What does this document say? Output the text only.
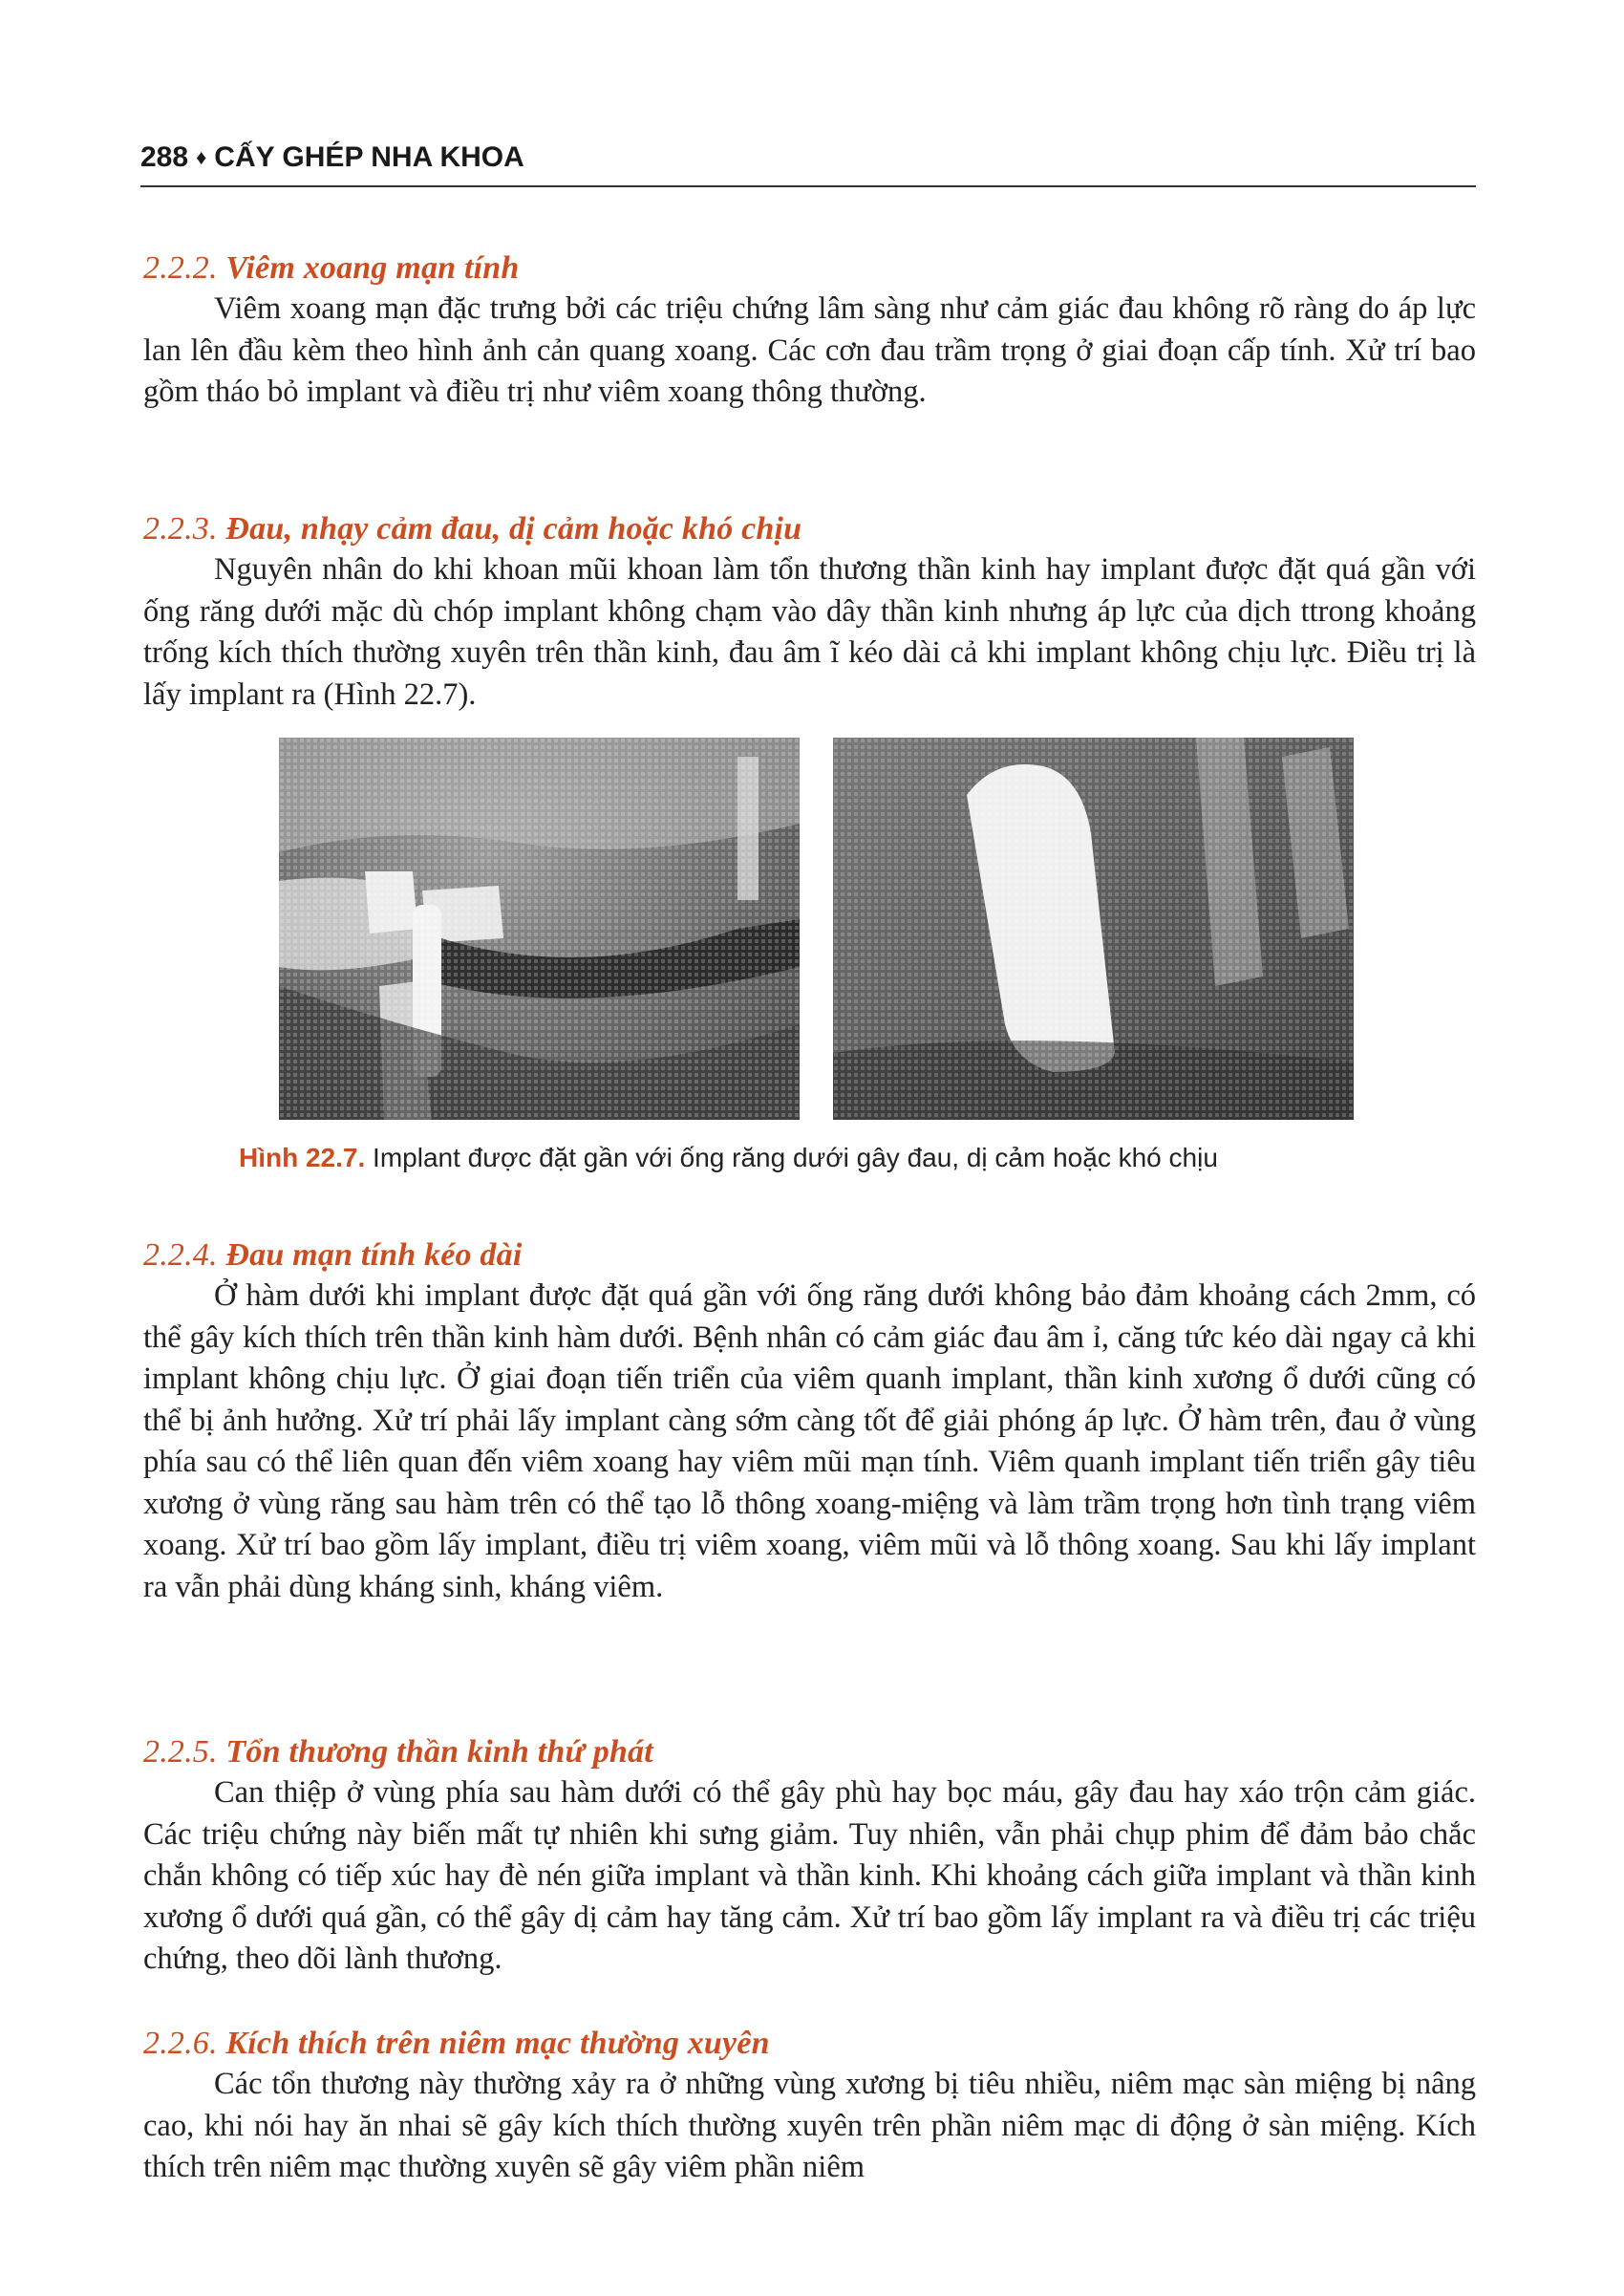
288 ♦ CẤY GHÉP NHA KHOA
2.2.2. Viêm xoang mạn tính

Viêm xoang mạn đặc trưng bởi các triệu chứng lâm sàng như cảm giác đau không rõ ràng do áp lực lan lên đầu kèm theo hình ảnh cản quang xoang. Các cơn đau trầm trọng ở giai đoạn cấp tính. Xử trí bao gồm tháo bỏ implant và điều trị như viêm xoang thông thường.

2.2.3. Đau, nhạy cảm đau, dị cảm hoặc khó chịu

Nguyên nhân do khi khoan mũi khoan làm tổn thương thần kinh hay implant được đặt quá gần với ống răng dưới mặc dù chóp implant không chạm vào dây thần kinh nhưng áp lực của dịch ttrong khoảng trống kích thích thường xuyên trên thần kinh, đau âm ĩ kéo dài cả khi implant không chịu lực. Điều trị là lấy implant ra (Hình 22.7).

Hình 22.7. Implant được đặt gần với ống răng dưới gây đau, dị cảm hoặc khó chịu
2.2.4. Đau mạn tính kéo dài

Ở hàm dưới khi implant được đặt quá gần với ống răng dưới không bảo đảm khoảng cách 2mm, có thể gây kích thích trên thần kinh hàm dưới. Bệnh nhân có cảm giác đau âm ỉ, căng tức kéo dài ngay cả khi implant không chịu lực. Ở giai đoạn tiến triển của viêm quanh implant, thần kinh xương ổ dưới cũng có thể bị ảnh hưởng. Xử trí phải lấy implant càng sớm càng tốt để giải phóng áp lực. Ở hàm trên, đau ở vùng phía sau có thể liên quan đến viêm xoang hay viêm mũi mạn tính. Viêm quanh implant tiến triển gây tiêu xương ở vùng răng sau hàm trên có thể tạo lỗ thông xoang-miệng và làm trầm trọng hơn tình trạng viêm xoang. Xử trí bao gồm lấy implant, điều trị viêm xoang, viêm mũi và lỗ thông xoang. Sau khi lấy implant ra vẫn phải dùng kháng sinh, kháng viêm.

2.2.5. Tổn thương thần kinh thứ phát

Can thiệp ở vùng phía sau hàm dưới có thể gây phù hay bọc máu, gây đau hay xáo trộn cảm giác. Các triệu chứng này biến mất tự nhiên khi sưng giảm. Tuy nhiên, vẫn phải chụp phim để đảm bảo chắc chắn không có tiếp xúc hay đè nén giữa implant và thần kinh. Khi khoảng cách giữa implant và thần kinh xương ổ dưới quá gần, có thể gây dị cảm hay tăng cảm. Xử trí bao gồm lấy implant ra và điều trị các triệu chứng, theo dõi lành thương.

2.2.6. Kích thích trên niêm mạc thường xuyên

Các tổn thương này thường xảy ra ở những vùng xương bị tiêu nhiều, niêm mạc sàn miệng bị nâng cao, khi nói hay ăn nhai sẽ gây kích thích thường xuyên trên phần niêm mạc di động ở sàn miệng. Kích thích trên niêm mạc thường xuyên sẽ gây viêm phần niêm
